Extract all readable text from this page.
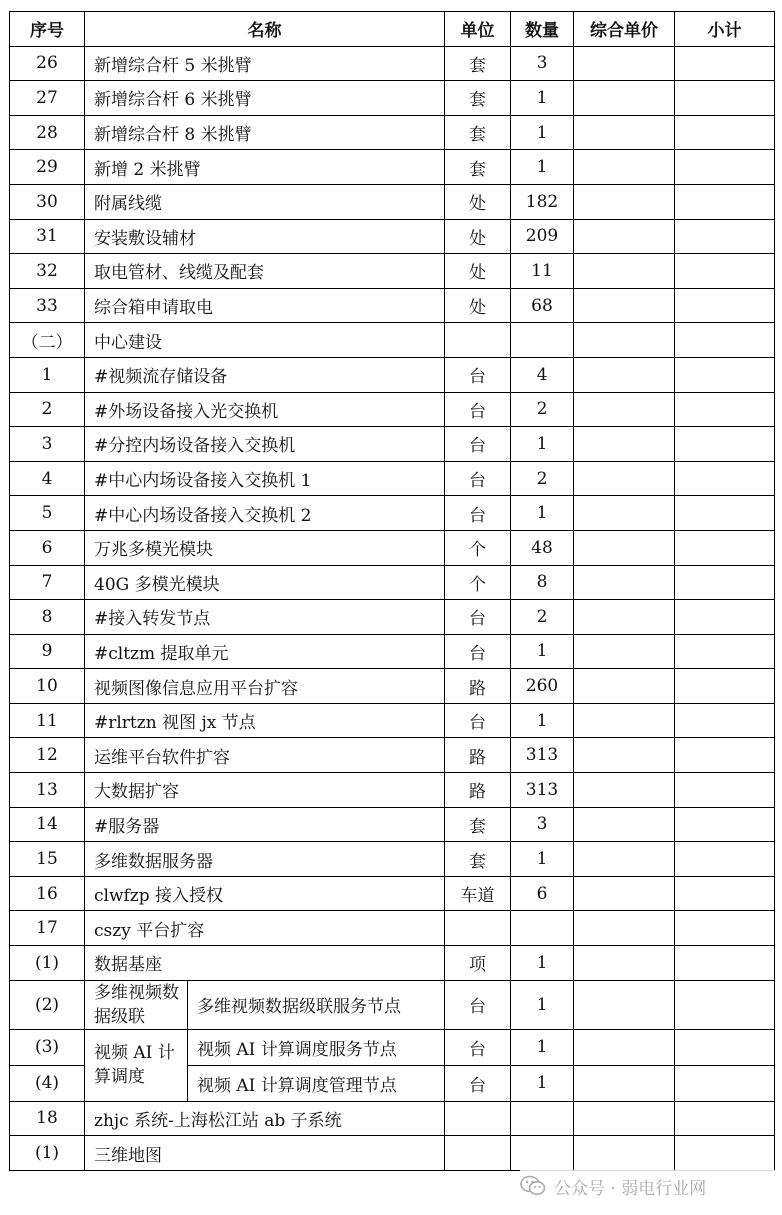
序号	名称		单位	数量	综合单价	小计
26	新增综合杆 5 米挑臂		套	3		
27	新增综合杆 6 米挑臂		套	1		
28	新增综合杆 8 米挑臂		套	1		
29	新增 2 米挑臂		套	1		
30	附属线缆		处	182		
31	安装敷设辅材		处	209		
32	取电管材、线缆及配套		处	11		
33	综合箱申请取电		处	68		
（二）	中心建设					
1	#视频流存储设备		台	4		
2	#外场设备接入光交换机		台	2		
3	#分控内场设备接入交换机		台	1		
4	#中心内场设备接入交换机 1		台	2		
5	#中心内场设备接入交换机 2		台	1		
6	万兆多模光模块		个	48		
7	40G 多模光模块		个	8		
8	#接入转发节点		台	2		
9	#cltzm 提取单元		台	1		
10	视频图像信息应用平台扩容		路	260		
11	#rlrtzn 视图 jx 节点		台	1		
12	运维平台软件扩容		路	313		
13	大数据扩容		路	313		
14	#服务器		套	3		
15	多维数据服务器		套	1		
16	clwfzp 接入授权		车道	6		
17	cszy 平台扩容					
(1)	数据基座		项	1		
(2)	多维视频数据级联	多维视频数据级联服务节点	台	1		
(3)	视频 AI 计算调度	视频 AI 计算调度服务节点	台	1		
(4)		视频 AI 计算调度管理节点	台	1		
18	zhjc 系统-上海松江站 ab 子系统					
(1)	三维地图					
公众号 · 弱电行业网
